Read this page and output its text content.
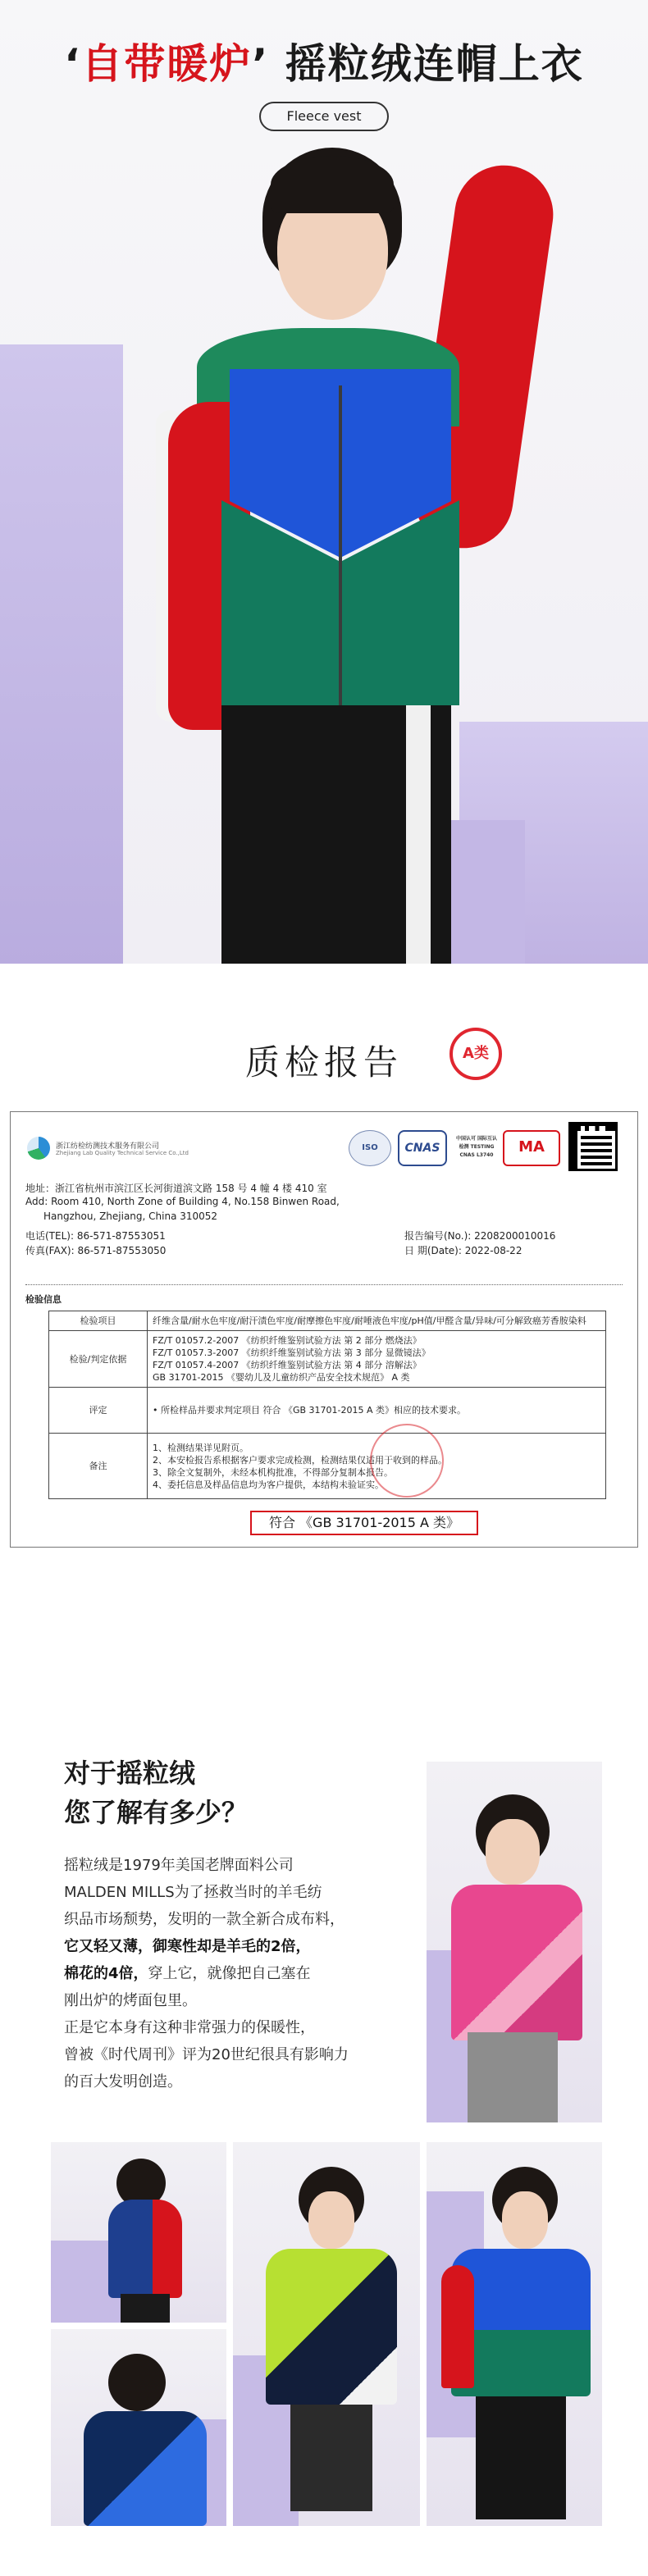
‘自带暖炉’ 摇粒绒连帽上衣
Fleece vest
质检报告	A类
浙江纺检纺测技术服务有限公司
Zhejiang Lab Quality Technical Service Co.,Ltd
ISO	CNAS
中国认可 国际互认 检测 TESTING CNAS L3740	MA
地址：浙江省杭州市滨江区长河街道滨文路 158 号 4 幢 4 楼 410 室
Add: Room 410, North Zone of Building 4, No.158 Binwen Road,
Hangzhou, Zhejiang, China 310052
电话(TEL): 86-571-87553051
传真(FAX): 86-571-87553050
报告编号(No.): 2208200010016
日 期(Date): 2022-08-22
检验信息
检验项目	纤维含量/耐水色牢度/耐汗渍色牢度/耐摩擦色牢度/耐唾液色牢度/pH值/甲醛含量/异味/可分解致癌芳香胺染料
检验/判定依据	FZ/T 01057.2-2007 《纺织纤维鉴别试验方法 第 2 部分 燃烧法》
FZ/T 01057.3-2007 《纺织纤维鉴别试验方法 第 3 部分 显微镜法》
FZ/T 01057.4-2007 《纺织纤维鉴别试验方法 第 4 部分 溶解法》
GB 31701-2015 《婴幼儿及儿童纺织产品安全技术规范》 A 类
评定	• 所检样品并要求判定项目 符合 《GB 31701-2015 A 类》相应的技术要求。
备注	1、检测结果详见附页。
2、本安检报告系根据客户要求完成检测，检测结果仅适用于收到的样品。
3、除全文复制外，未经本机构批准，不得部分复制本报告。
4、委托信息及样品信息均为客户提供，本结构未验证实。
符合 《GB 31701-2015 A 类》
对于摇粒绒
您了解有多少？

摇粒绒是1979年美国老牌面料公司

MALDEN MILLS为了拯救当时的羊毛纺

织品市场颓势，发明的一款全新合成布料，

它又轻又薄，御寒性却是羊毛的2倍，

棉花的4倍，穿上它，就像把自己塞在

刚出炉的烤面包里。

正是它本身有这种非常强力的保暖性，

曾被《时代周刊》评为20世纪很具有影响力

的百大发明创造。
